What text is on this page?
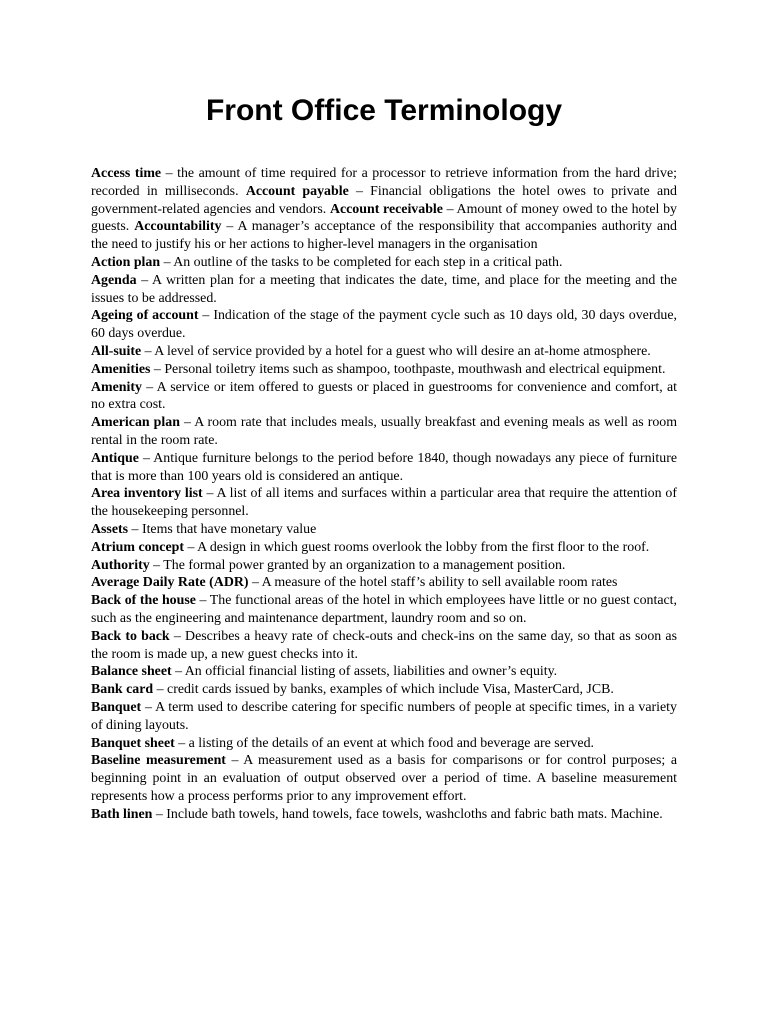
Front Office Terminology

Access time – the amount of time required for a processor to retrieve information from the hard drive; recorded in milliseconds. Account payable – Financial obligations the hotel owes to private and government-related agencies and vendors. Account receivable – Amount of money owed to the hotel by guests. Accountability – A manager’s acceptance of the responsibility that accompanies authority and the need to justify his or her actions to higher-level managers in the organisation

Action plan – An outline of the tasks to be completed for each step in a critical path.

Agenda – A written plan for a meeting that indicates the date, time, and place for the meeting and the issues to be addressed.

Ageing of account – Indication of the stage of the payment cycle such as 10 days old, 30 days overdue, 60 days overdue.

All-suite – A level of service provided by a hotel for a guest who will desire an at-home atmosphere.

Amenities – Personal toiletry items such as shampoo, toothpaste, mouthwash and electrical equipment.

Amenity – A service or item offered to guests or placed in guestrooms for convenience and comfort, at no extra cost.

American plan – A room rate that includes meals, usually breakfast and evening meals as well as room rental in the room rate.

Antique – Antique furniture belongs to the period before 1840, though nowadays any piece of furniture that is more than 100 years old is considered an antique.

Area inventory list – A list of all items and surfaces within a particular area that require the attention of the housekeeping personnel.

Assets – Items that have monetary value

Atrium concept – A design in which guest rooms overlook the lobby from the first floor to the roof.

Authority – The formal power granted by an organization to a management position.

Average Daily Rate (ADR) – A measure of the hotel staff’s ability to sell available room rates

Back of the house – The functional areas of the hotel in which employees have little or no guest contact, such as the engineering and maintenance department, laundry room and so on.

Back to back – Describes a heavy rate of check-outs and check-ins on the same day, so that as soon as the room is made up, a new guest checks into it.

Balance sheet – An official financial listing of assets, liabilities and owner’s equity.

Bank card – credit cards issued by banks, examples of which include Visa, MasterCard, JCB.

Banquet – A term used to describe catering for specific numbers of people at specific times, in a variety of dining layouts.

Banquet sheet – a listing of the details of an event at which food and beverage are served.

Baseline measurement – A measurement used as a basis for comparisons or for control purposes; a beginning point in an evaluation of output observed over a period of time. A baseline measurement represents how a process performs prior to any improvement effort.

Bath linen – Include bath towels, hand towels, face towels, washcloths and fabric bath mats. Machine.
